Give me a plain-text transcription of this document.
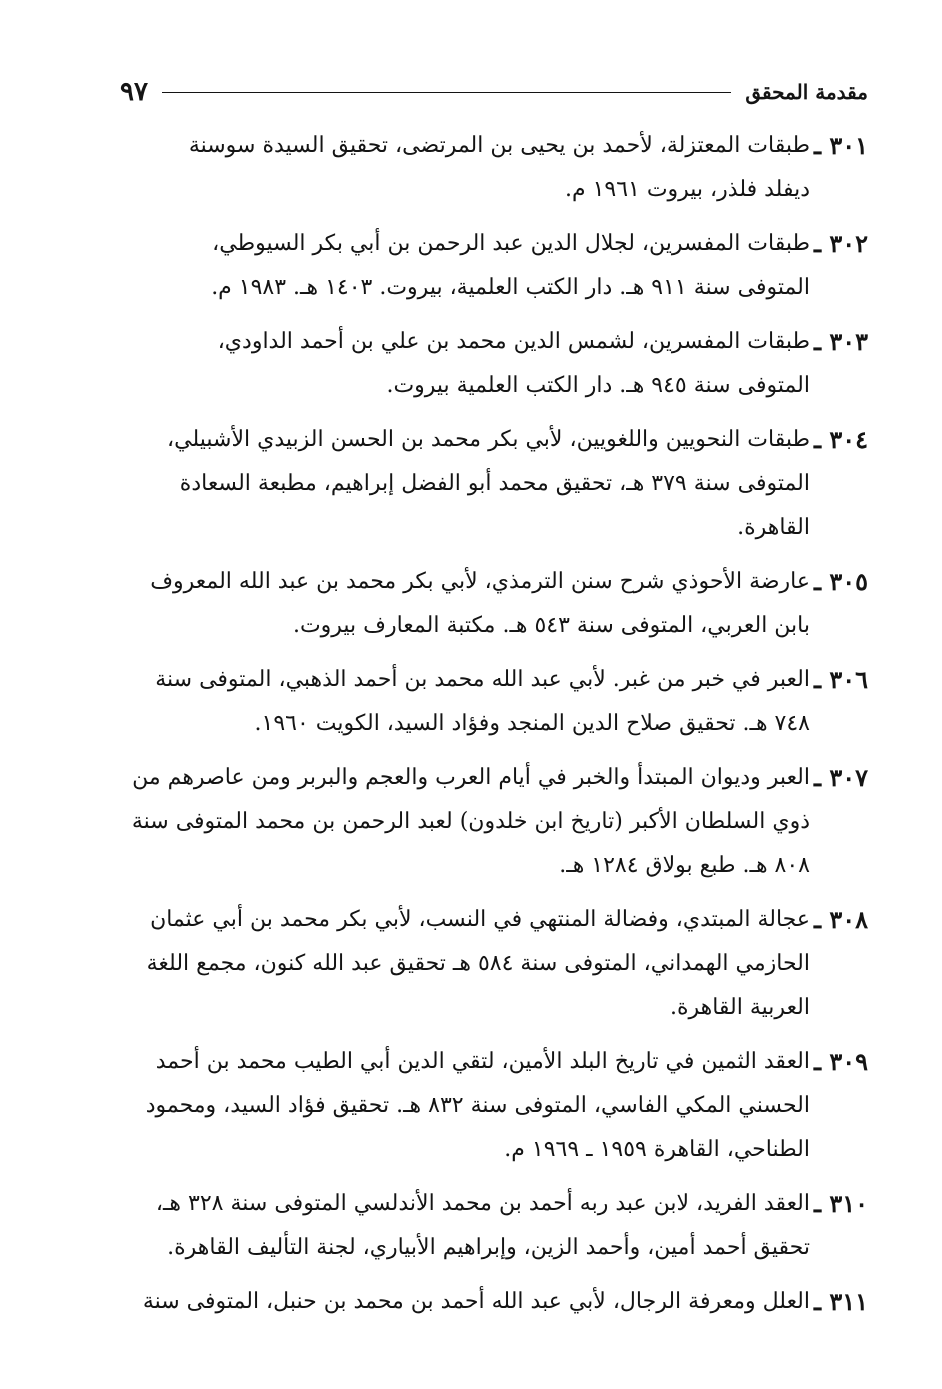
مقدمة المحقق
٩٧
٣٠١ ـ
طبقات المعتزلة، لأحمد بن يحيى بن المرتضى، تحقيق السيدة سوسنة
ديفلد فلذر، بيروت ١٩٦١ م.
٣٠٢ ـ
طبقات المفسرين، لجلال الدين عبد الرحمن بن أبي بكر السيوطي،
المتوفى سنة ٩١١ هـ. دار الكتب العلمية، بيروت. ١٤٠٣ هـ. ١٩٨٣ م.
٣٠٣ ـ
طبقات المفسرين، لشمس الدين محمد بن علي بن أحمد الداودي،
المتوفى سنة ٩٤٥ هـ. دار الكتب العلمية بيروت.
٣٠٤ ـ
طبقات النحويين واللغويين، لأبي بكر محمد بن الحسن الزبيدي الأشبيلي،
المتوفى سنة ٣٧٩ هـ، تحقيق محمد أبو الفضل إبراهيم، مطبعة السعادة
القاهرة.
٣٠٥ ـ
عارضة الأحوذي شرح سنن الترمذي، لأبي بكر محمد بن عبد الله المعروف
بابن العربي، المتوفى سنة ٥٤٣ هـ. مكتبة المعارف بيروت.
٣٠٦ ـ
العبر في خبر من غبر. لأبي عبد الله محمد بن أحمد الذهبي، المتوفى سنة
٧٤٨ هـ. تحقيق صلاح الدين المنجد وفؤاد السيد، الكويت ١٩٦٠.
٣٠٧ ـ
العبر وديوان المبتدأ والخبر في أيام العرب والعجم والبربر ومن عاصرهم من
ذوي السلطان الأكبر (تاريخ ابن خلدون) لعبد الرحمن بن محمد المتوفى سنة
٨٠٨ هـ. طبع بولاق ١٢٨٤ هـ.
٣٠٨ ـ
عجالة المبتدي، وفضالة المنتهي في النسب، لأبي بكر محمد بن أبي عثمان
الحازمي الهمداني، المتوفى سنة ٥٨٤ هـ تحقيق عبد الله كنون، مجمع اللغة
العربية القاهرة.
٣٠٩ ـ
العقد الثمين في تاريخ البلد الأمين، لتقي الدين أبي الطيب محمد بن أحمد
الحسني المكي الفاسي، المتوفى سنة ٨٣٢ هـ. تحقيق فؤاد السيد، ومحمود
الطناحي، القاهرة ١٩٥٩ ـ ١٩٦٩ م.
٣١٠ ـ
العقد الفريد، لابن عبد ربه أحمد بن محمد الأندلسي المتوفى سنة ٣٢٨ هـ،
تحقيق أحمد أمين، وأحمد الزين، وإبراهيم الأبياري، لجنة التأليف القاهرة.
٣١١ ـ
العلل ومعرفة الرجال، لأبي عبد الله أحمد بن محمد بن حنبل، المتوفى سنة
